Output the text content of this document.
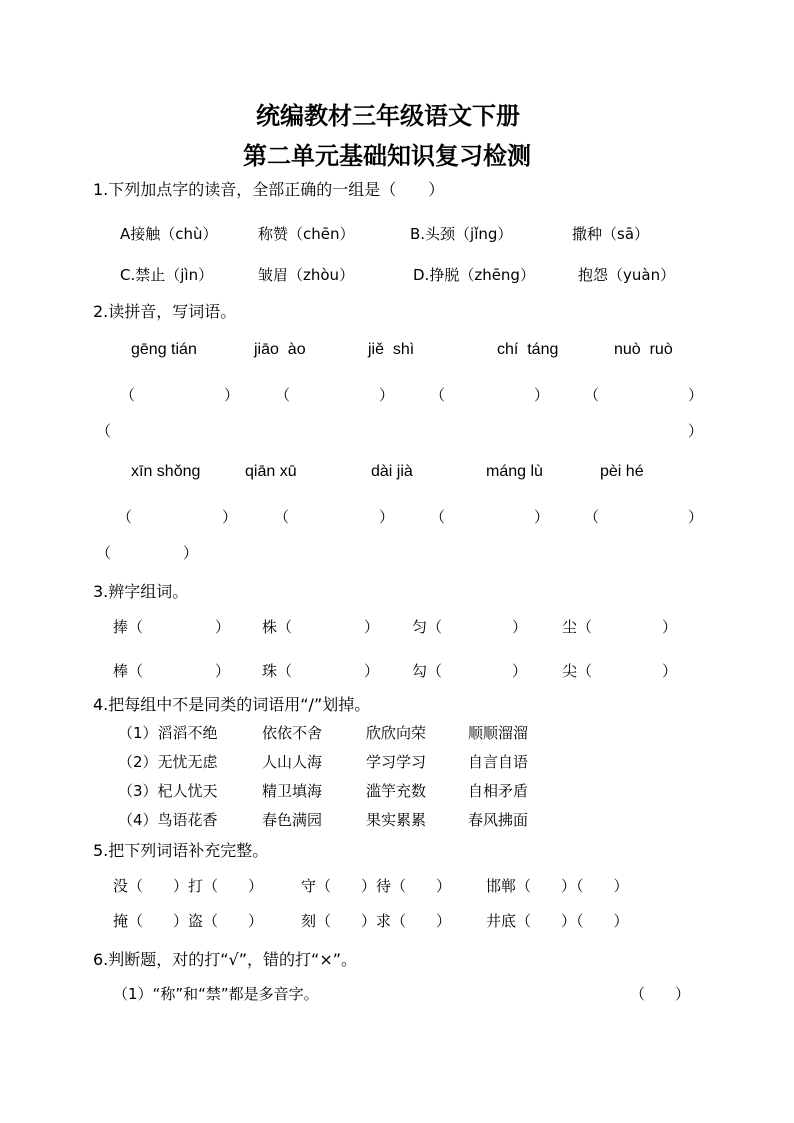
统编教材三年级语文下册
第二单元基础知识复习检测
1.下列加点字的读音，全部正确的一组是（　　）
A接触（chù）	称赞（chēn）	B.头颈（jǐng）	撒种（sā）
C.禁止（jìn）	皱眉（zhòu）	D.挣脱（zhēng）	抱怨（yuàn）
2.读拼音，写词语。
gēng tián	jiāo  ào	jiě  shì	chí  táng	nuò  ruò
（	） （	） （	） （	）
（	）
xīn shǒng	qiān xū	dài jià	máng lù	pèi hé
（	） （	） （	） （	）
（	）
3.辨字组词。
捧（	） 株（	） 匀（	） 尘（	）
棒（	） 珠（	） 勾（	） 尖（	）
4.把每组中不是同类的词语用“/”划掉。
（1）滔滔不绝	依依不舍	欣欣向荣	顺顺溜溜
（2）无忧无虑	人山人海	学习学习	自言自语
（3）杞人忧天	精卫填海	滥竽充数	自相矛盾
（4）鸟语花香	春色满园	果实累累	春风拂面
5.把下列词语补充完整。
没（　　）打（　　）	守（　　）待（　　） 邯郸（　　）（　　）
掩（　　）盗（　　）	刻（　　）求（　　） 井底（　　）（　　）
6.判断题，对的打“√”，错的打“×”。
（1）“称”和“禁”都是多音字。	（　　）
